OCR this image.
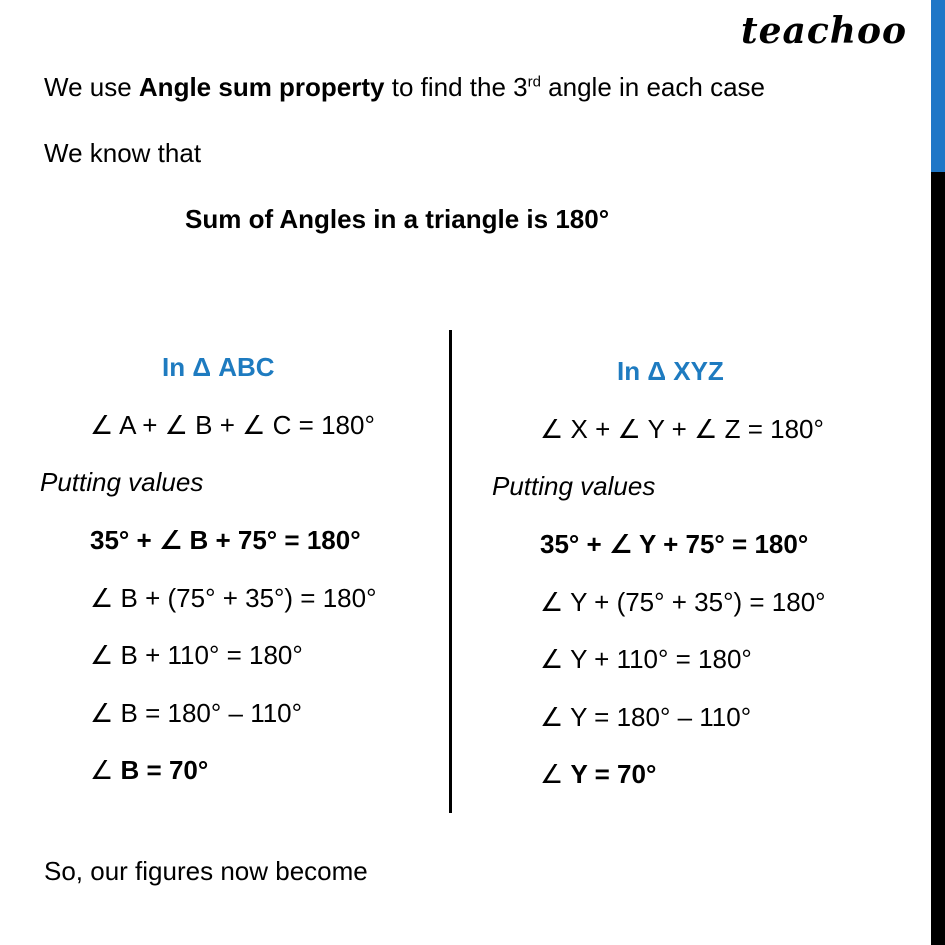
teachoo
We use Angle sum property to find the 3rd angle in each case
We know that
Sum of Angles in a triangle is 180°
In Δ ABC
∠ A + ∠ B + ∠ C = 180°
Putting values
35° + ∠ B + 75° = 180°
∠ B + (75° + 35°) = 180°
∠ B + 110° = 180°
∠ B = 180° – 110°
∠ B = 70°
In Δ XYZ
∠ X + ∠ Y + ∠ Z = 180°
Putting values
35° + ∠ Y + 75° = 180°
∠ Y + (75° + 35°) = 180°
∠ Y + 110° = 180°
∠ Y = 180° – 110°
∠ Y = 70°
So, our figures now become
